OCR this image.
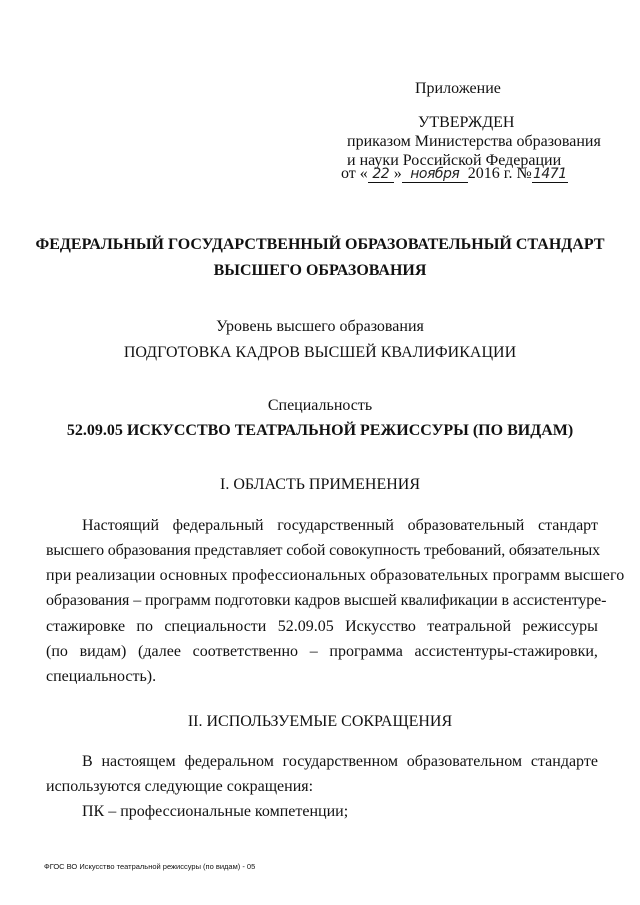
Приложение
УТВЕРЖДЕН
приказом Министерства образования
и науки Российской Федерации
от « 22 » ноября 2016 г. №1471
ФЕДЕРАЛЬНЫЙ ГОСУДАРСТВЕННЫЙ ОБРАЗОВАТЕЛЬНЫЙ СТАНДАРТ
ВЫСШЕГО ОБРАЗОВАНИЯ
Уровень высшего образования
ПОДГОТОВКА КАДРОВ ВЫСШЕЙ КВАЛИФИКАЦИИ
Специальность
52.09.05 ИСКУССТВО ТЕАТРАЛЬНОЙ РЕЖИССУРЫ (ПО ВИДАМ)
I. ОБЛАСТЬ ПРИМЕНЕНИЯ
Настоящий федеральный государственный образовательный стандарт
высшего образования представляет собой совокупность требований, обязательных
при реализации основных профессиональных образовательных программ высшего
образования – программ подготовки кадров высшей квалификации в ассистентуре-
стажировке по специальности 52.09.05 Искусство театральной режиссуры
(по видам) (далее соответственно – программа ассистентуры-стажировки,
специальность).
II. ИСПОЛЬЗУЕМЫЕ СОКРАЩЕНИЯ
В настоящем федеральном государственном образовательном стандарте
используются следующие сокращения:
ПК – профессиональные компетенции;
ФГОС ВО Искусство театральной режиссуры (по видам) - 05
